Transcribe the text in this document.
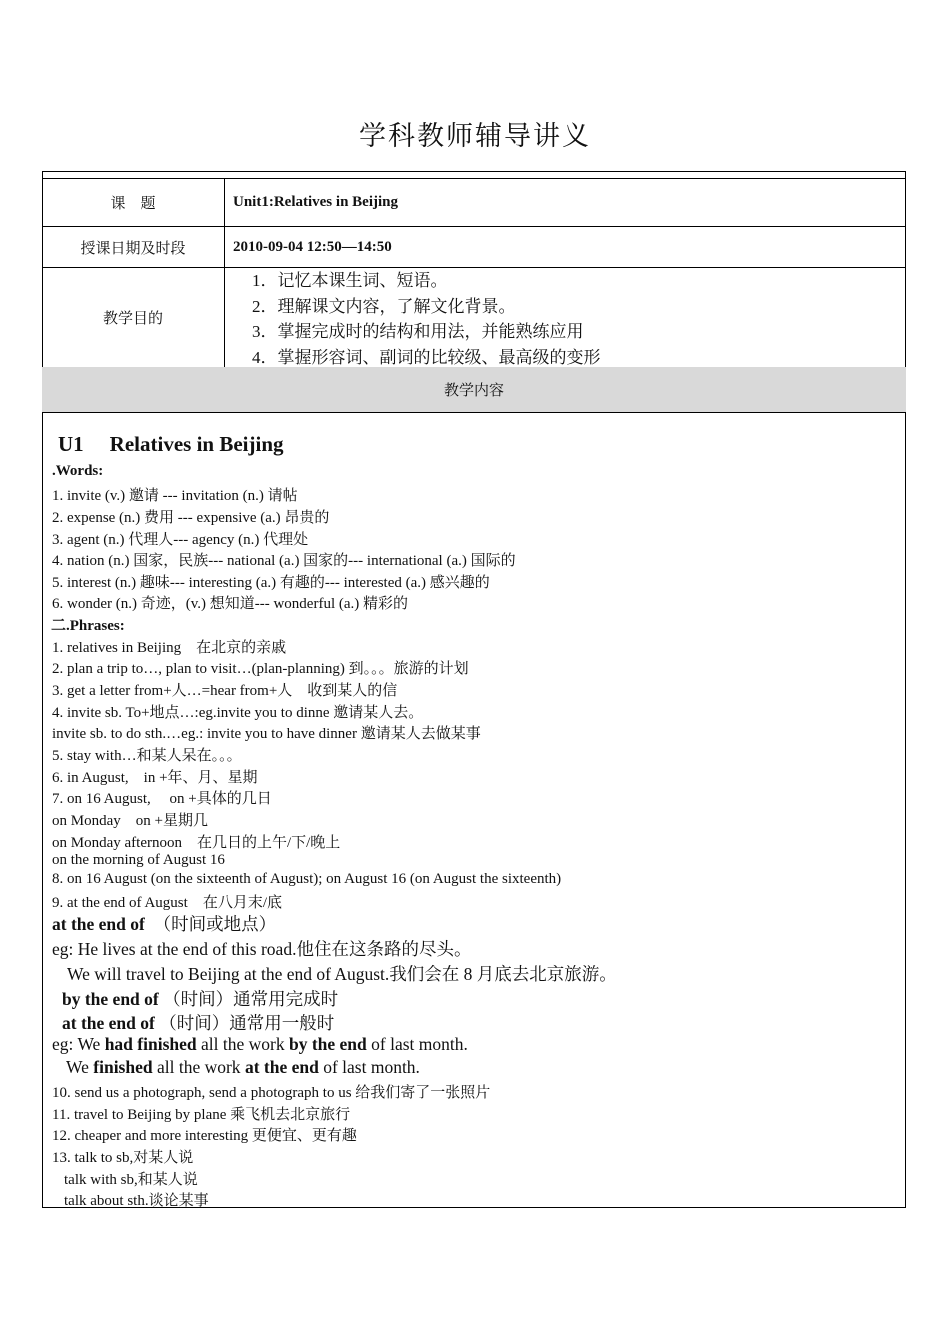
学科教师辅导讲义
课　题	Unit1:Relatives in Beijing
授课日期及时段	2010-09-04 12:50—14:50
教学目的
1．记忆本课生词、短语。
2．理解课文内容，了解文化背景。
3．掌握完成时的结构和用法，并能熟练应用
4．掌握形容词、副词的比较级、最高级的变形
教学内容
U1 Relatives in Beijing
.Words:
1. invite (v.) 邀请 --- invitation (n.) 请帖
2. expense (n.) 费用 --- expensive (a.) 昂贵的
3. agent (n.) 代理人--- agency (n.) 代理处
4. nation (n.) 国家，民族--- national (a.) 国家的--- international (a.) 国际的
5. interest (n.) 趣味--- interesting (a.) 有趣的--- interested (a.) 感兴趣的
6. wonder (n.) 奇迹，(v.) 想知道--- wonderful (a.) 精彩的
二.Phrases:
1. relatives in Beijing　在北京的亲戚
2. plan a trip to…, plan to visit…(plan-planning) 到。。。旅游的计划
3. get a letter from+人…=hear from+人　收到某人的信
4. invite sb. To+地点…:eg.invite you to dinne 邀请某人去。
invite sb. to do sth.…eg.: invite you to have dinner 邀请某人去做某事
5. stay with…和某人呆在。。。
6. in August,　in +年、月、星期
7. on 16 August,　 on +具体的几日
on Monday　on +星期几
on Monday afternoon　在几日的上午/下/晚上
on the morning of August 16
8. on 16 August (on the sixteenth of August); on August 16 (on August the sixteenth)
9. at the end of August　在八月末/底
at the end of　（时间或地点）
eg: He lives at the end of this road.他住在这条路的尽头。
We will travel to Beijing at the end of August.我们会在 8 月底去北京旅游。
by the end of （时间）通常用完成时
at the end of （时间）通常用一般时
eg: We had finished all the work by the end of last month.
We finished all the work at the end of last month.
10. send us a photograph, send a photograph to us 给我们寄了一张照片
11. travel to Beijing by plane 乘飞机去北京旅行
12. cheaper and more interesting 更便宜、更有趣
13. talk to sb,对某人说
talk with sb,和某人说
talk about sth.谈论某事
